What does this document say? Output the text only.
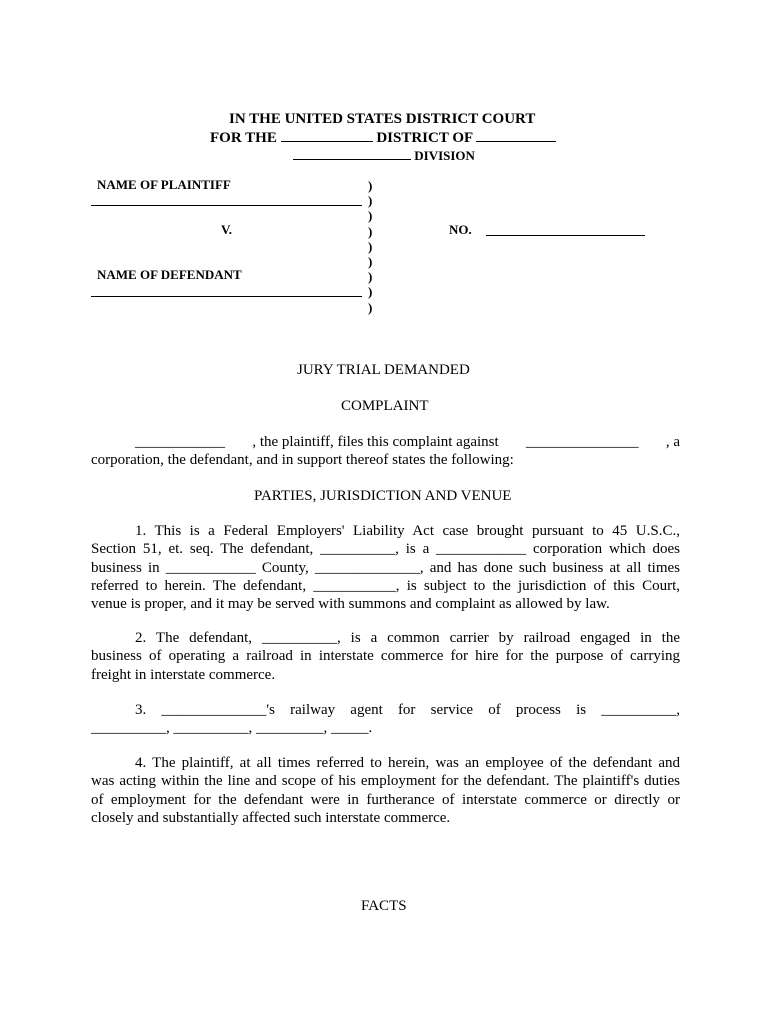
IN THE UNITED STATES DISTRICT COURT
FOR THE	DISTRICT OF
DIVISION
NAME OF PLAINTIFF
V.
NAME OF DEFENDANT
)
)
)
)
)
)
)
)
)
NO.
JURY TRIAL DEMANDED
COMPLAINT
____________ , the plaintiff, files this complaint against _______________ , a
corporation, the defendant, and in support thereof states the following:
PARTIES, JURISDICTION AND VENUE
1. This is a Federal Employers' Liability Act case brought pursuant to 45 U.S.C.,
Section 51, et. seq. The defendant, __________, is a ____________ corporation which does
business in ____________ County, ______________, and has done such business at all times
referred to herein. The defendant, ___________, is subject to the jurisdiction of this Court,
venue is proper, and it may be served with summons and complaint as allowed by law.
2. The defendant, __________, is a common carrier by railroad engaged in the
business of operating a railroad in interstate commerce for hire for the purpose of carrying
freight in interstate commerce.
3. ______________'s railway agent for service of process is __________,
__________, __________, _________, _____.
4. The plaintiff, at all times referred to herein, was an employee of the defendant and
was acting within the line and scope of his employment for the defendant. The plaintiff's duties
of employment for the defendant were in furtherance of interstate commerce or directly or
closely and substantially affected such interstate commerce.
FACTS
